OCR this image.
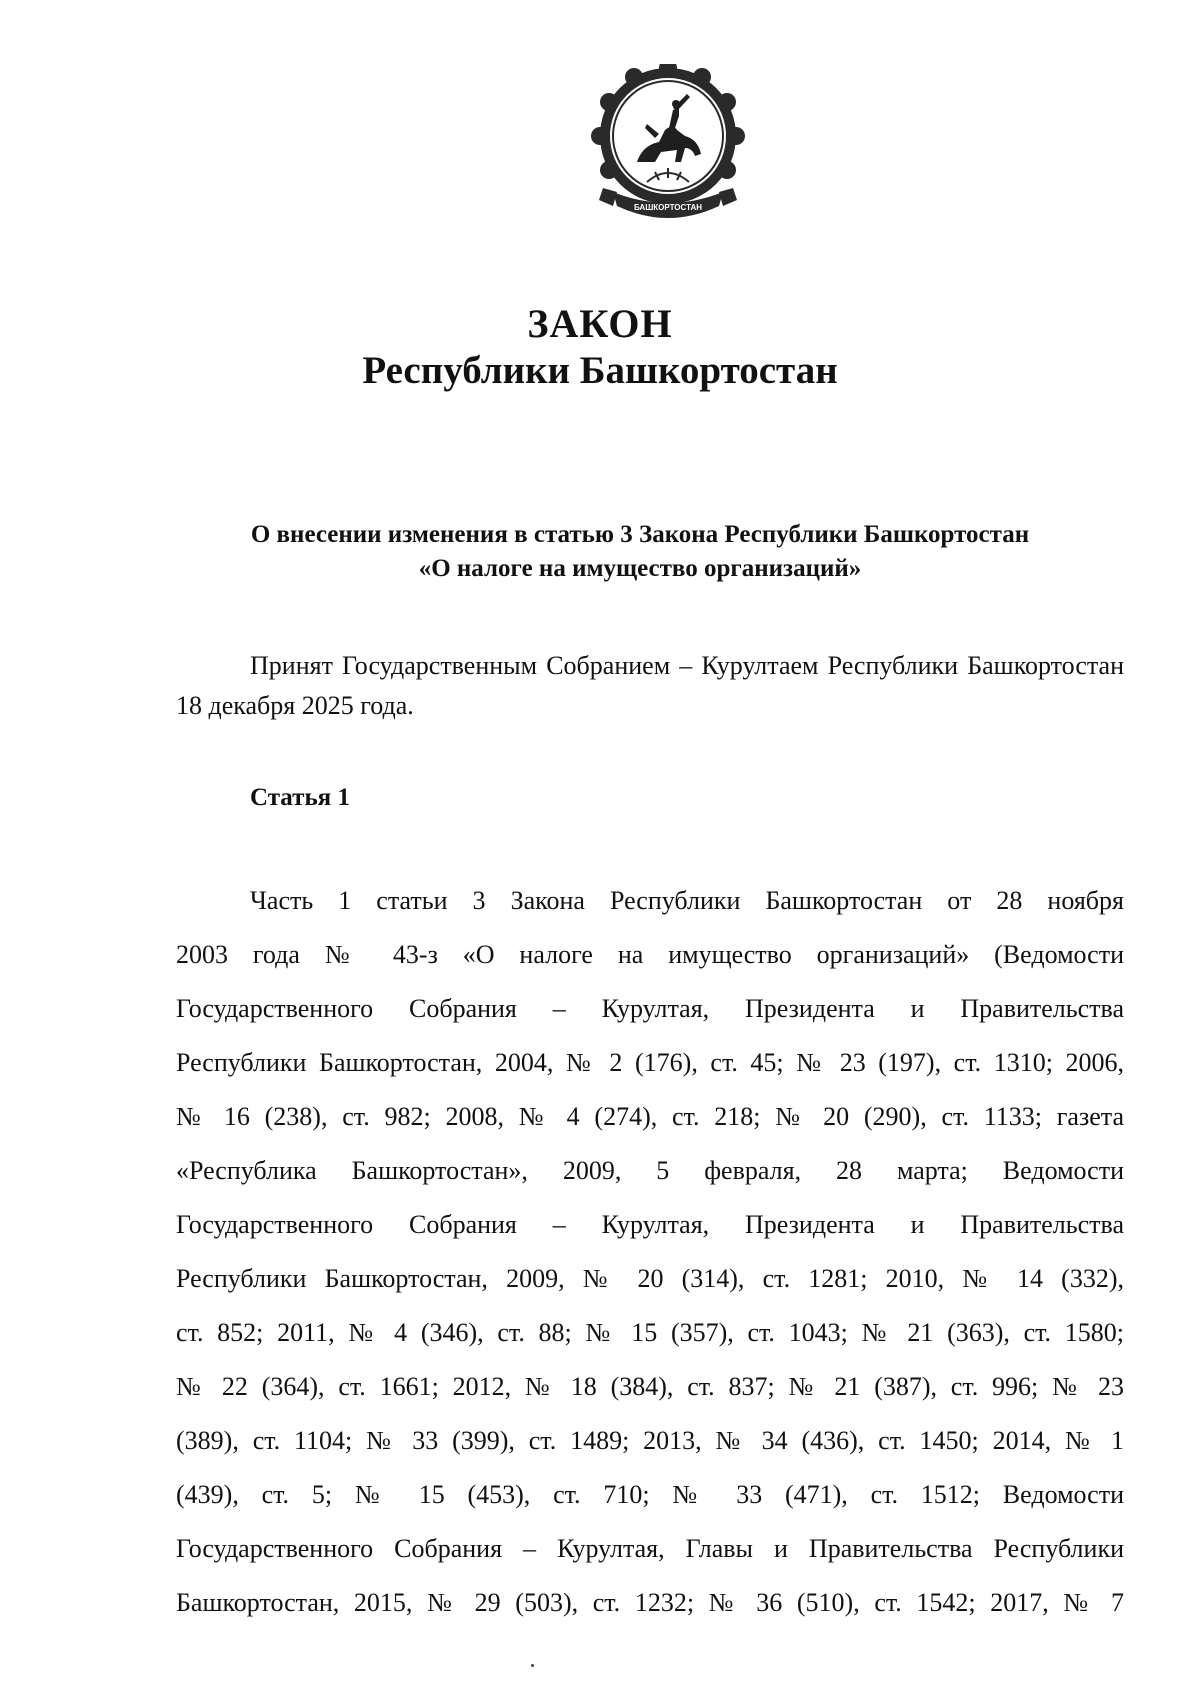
БАШКОРТОСТАН
ЗАКОН
Республики Башкортостан
О внесении изменения в статью 3 Закона Республики Башкортостан
«О налоге на имущество организаций»
Принят Государственным Собранием – Курултаем Республики Башкортостан 18 декабря 2025 года.
Статья 1
Часть 1 статьи 3 Закона Республики Башкортостан от 28 ноября
2003 года № 43-з «О налоге на имущество организаций» (Ведомости
Государственного Собрания – Курултая, Президента и Правительства
Республики Башкортостан, 2004, № 2 (176), ст. 45; № 23 (197), ст. 1310; 2006,
№ 16 (238), ст. 982; 2008, № 4 (274), ст. 218; № 20 (290), ст. 1133; газета
«Республика Башкортостан», 2009, 5 февраля, 28 марта; Ведомости
Государственного Собрания – Курултая, Президента и Правительства
Республики Башкортостан, 2009, № 20 (314), ст. 1281; 2010, № 14 (332),
ст. 852; 2011, № 4 (346), ст. 88; № 15 (357), ст. 1043; № 21 (363), ст. 1580;
№ 22 (364), ст. 1661; 2012, № 18 (384), ст. 837; № 21 (387), ст. 996; № 23
(389), ст. 1104; № 33 (399), ст. 1489; 2013, № 34 (436), ст. 1450; 2014, № 1
(439), ст. 5; № 15 (453), ст. 710; № 33 (471), ст. 1512; Ведомости
Государственного Собрания – Курултая, Главы и Правительства Республики
Башкортостан, 2015, № 29 (503), ст. 1232; № 36 (510), ст. 1542; 2017, № 7
